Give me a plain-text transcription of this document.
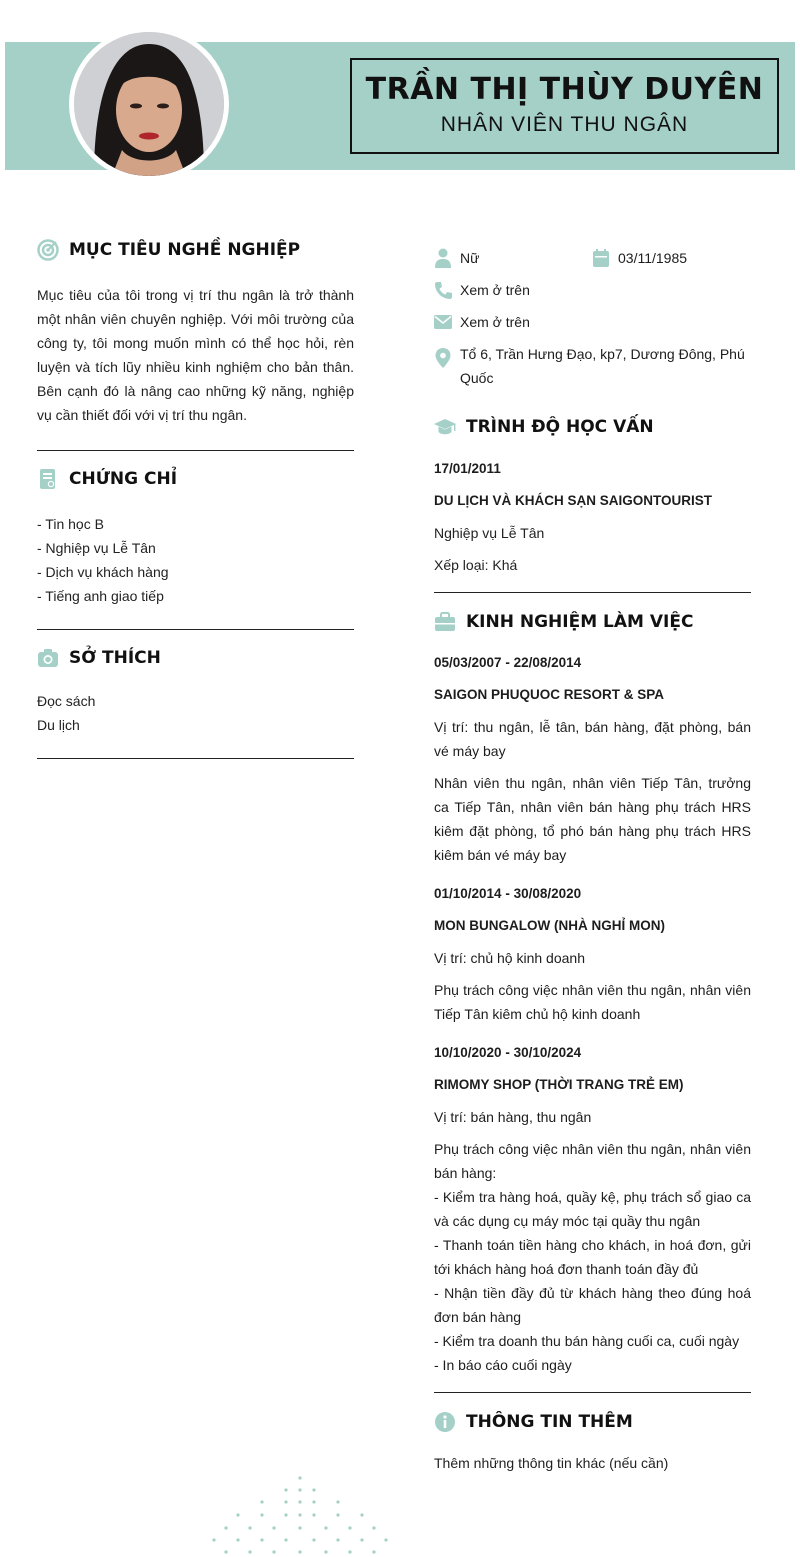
TRẦN THỊ THÙY DUYÊN
NHÂN VIÊN THU NGÂN
MỤC TIÊU NGHỀ NGHIỆP

Mục tiêu của tôi trong vị trí thu ngân là trở thành một nhân viên chuyên nghiệp. Với môi trường của công ty, tôi mong muốn mình có thể học hỏi, rèn luyện và tích lũy nhiều kinh nghiệm cho bản thân. Bên cạnh đó là nâng cao những kỹ năng, nghiệp vụ cần thiết đối với vị trí thu ngân.

CHỨNG CHỈ
- Tin học B
- Nghiệp vụ Lễ Tân
- Dịch vụ khách hàng
- Tiếng anh giao tiếp
SỞ THÍCH
Đọc sách
Du lịch
Nữ	03/11/1985
Xem ở trên
Xem ở trên
Tổ 6, Trần Hưng Đạo, kp7, Dương Đông, Phú Quốc
TRÌNH ĐỘ HỌC VẤN
17/01/2011
DU LỊCH VÀ KHÁCH SẠN SAIGONTOURIST
Nghiệp vụ Lễ Tân
Xếp loại: Khá
KINH NGHIỆM LÀM VIỆC
05/03/2007 - 22/08/2014
SAIGON PHUQUOC RESORT & SPA
Vị trí: thu ngân, lễ tân, bán hàng, đặt phòng, bán vé máy bay
Nhân viên thu ngân, nhân viên Tiếp Tân, trưởng ca Tiếp Tân, nhân viên bán hàng phụ trách HRS kiêm đặt phòng, tổ phó bán hàng phụ trách HRS kiêm bán vé máy bay
01/10/2014 - 30/08/2020
MON BUNGALOW (NHÀ NGHỈ MON)
Vị trí: chủ hộ kinh doanh
Phụ trách công việc nhân viên thu ngân, nhân viên Tiếp Tân kiêm chủ hộ kinh doanh
10/10/2020 - 30/10/2024
RIMOMY SHOP (THỜI TRANG TRẺ EM)
Vị trí: bán hàng, thu ngân
Phụ trách công việc nhân viên thu ngân, nhân viên bán hàng:
- Kiểm tra hàng hoá, quầy kệ, phụ trách sổ giao ca và các dụng cụ máy móc tại quầy thu ngân
- Thanh toán tiền hàng cho khách, in hoá đơn, gửi tới khách hàng hoá đơn thanh toán đầy đủ
- Nhận tiền đầy đủ từ khách hàng theo đúng hoá đơn bán hàng
- Kiểm tra doanh thu bán hàng cuối ca, cuối ngày
- In báo cáo cuối ngày
THÔNG TIN THÊM
Thêm những thông tin khác (nếu cần)
